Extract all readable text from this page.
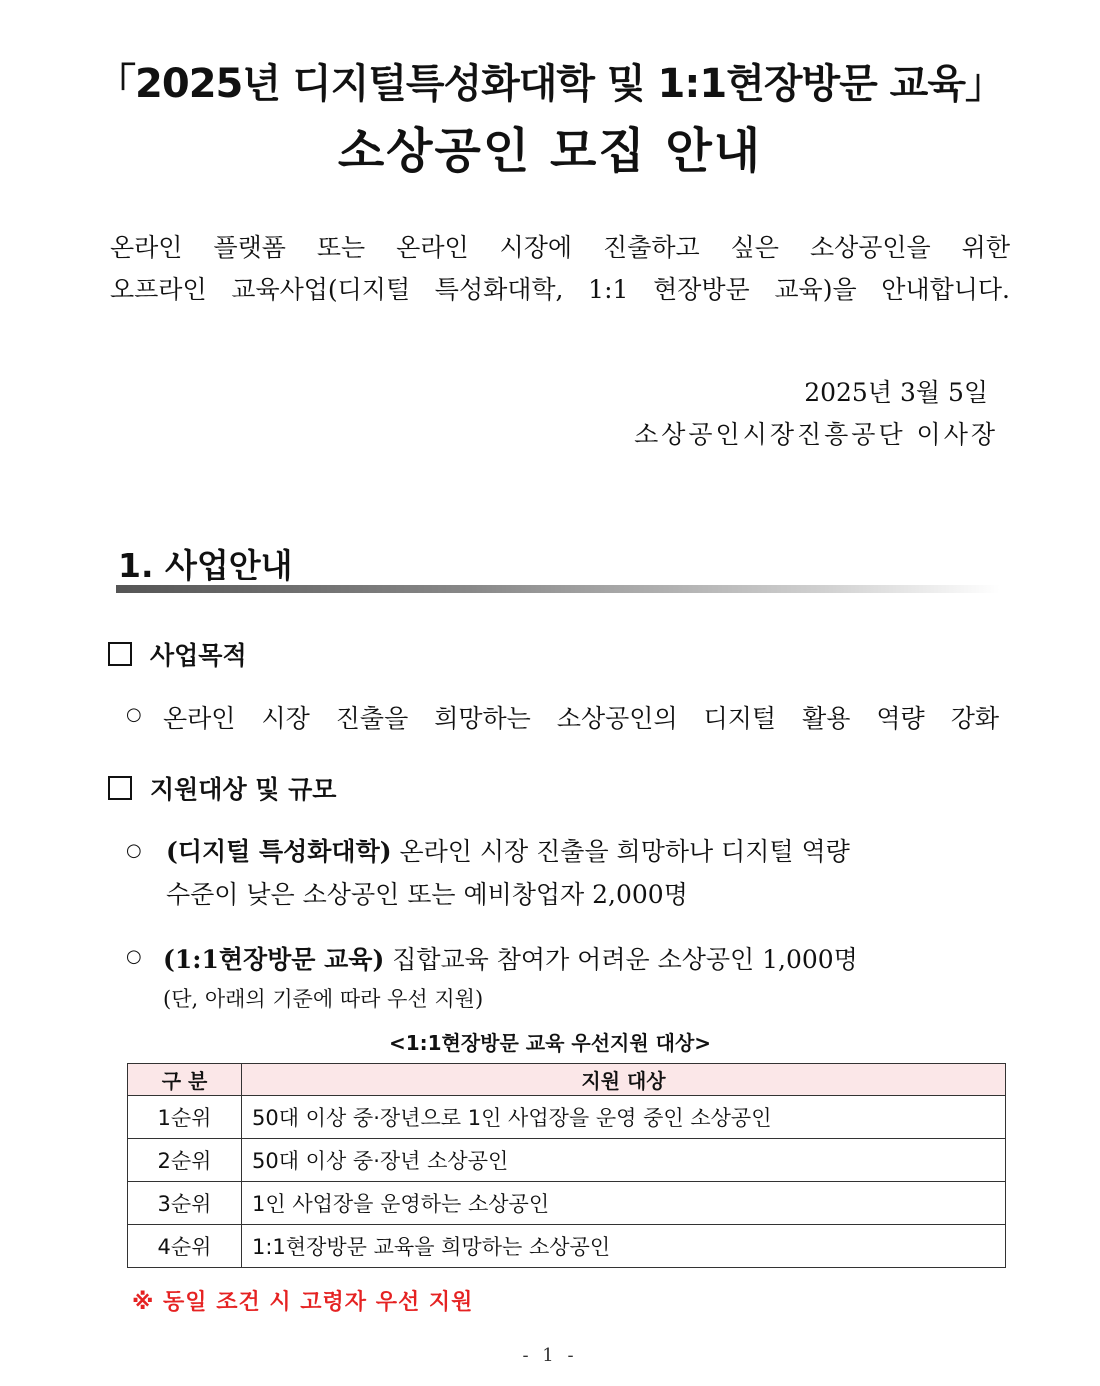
「2025년 디지털특성화대학 및 1:1현장방문 교육」
소상공인 모집 안내
온라인 플랫폼 또는 온라인 시장에 진출하고 싶은 소상공인을 위한
오프라인 교육사업(디지털 특성화대학, 1:1 현장방문 교육)을 안내합니다.
2025년 3월 5일
소상공인시장진흥공단 이사장
1. 사업안내
사업목적
○ 온라인 시장 진출을 희망하는 소상공인의 디지털 활용 역량 강화
지원대상 및 규모
○ (디지털 특성화대학) 온라인 시장 진출을 희망하나 디지털 역량
수준이 낮은 소상공인 또는 예비창업자 2,000명
○ (1:1현장방문 교육) 집합교육 참여가 어려운 소상공인 1,000명
(단, 아래의 기준에 따라 우선 지원)
<1:1현장방문 교육 우선지원 대상>
구 분	지원 대상
1순위	50대 이상 중·장년으로 1인 사업장을 운영 중인 소상공인
2순위	50대 이상 중·장년 소상공인
3순위	1인 사업장을 운영하는 소상공인
4순위	1:1현장방문 교육을 희망하는 소상공인
※ 동일 조건 시 고령자 우선 지원
- 1 -
